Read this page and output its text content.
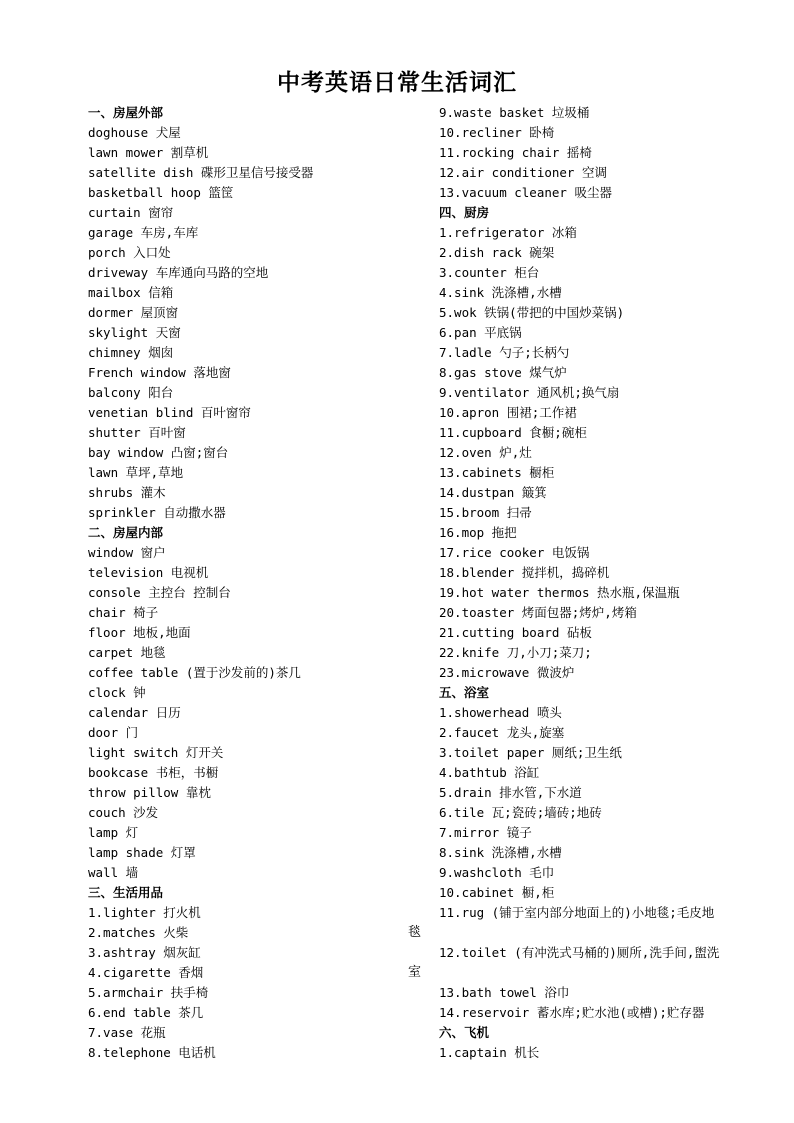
中考英语日常生活词汇
一、房屋外部
doghouse 犬屋
lawn mower 割草机
satellite dish 碟形卫星信号接受器
basketball hoop 篮筐
curtain 窗帘
garage 车房,车库
porch 入口处
driveway 车库通向马路的空地
mailbox 信箱
dormer 屋顶窗
skylight 天窗
chimney 烟囱
French window 落地窗
balcony 阳台
venetian blind 百叶窗帘
shutter 百叶窗
bay window 凸窗;窗台
lawn 草坪,草地
shrubs 灌木
sprinkler 自动撒水器
二、房屋内部
window 窗户
television 电视机
console 主控台 控制台
chair 椅子
floor 地板,地面
carpet 地毯
coffee table (置于沙发前的)茶几
clock 钟
calendar 日历
door 门
light switch 灯开关
bookcase 书柜，书橱
throw pillow 靠枕
couch 沙发
lamp 灯
lamp shade 灯罩
wall 墙
三、生活用品
1.lighter 打火机
2.matches 火柴
3.ashtray 烟灰缸
4.cigarette 香烟
5.armchair 扶手椅
6.end table 茶几
7.vase 花瓶
8.telephone 电话机
9.waste basket 垃圾桶
10.recliner 卧椅
11.rocking chair 摇椅
12.air conditioner 空调
13.vacuum cleaner 吸尘器
四、厨房
1.refrigerator 冰箱
2.dish rack 碗架
3.counter 柜台
4.sink 洗涤槽,水槽
5.wok 铁锅(带把的中国炒菜锅)
6.pan 平底锅
7.ladle 勺子;长柄勺
8.gas stove 煤气炉
9.ventilator 通风机;换气扇
10.apron 围裙;工作裙
11.cupboard 食橱;碗柜
12.oven 炉,灶
13.cabinets 橱柜
14.dustpan 簸箕
15.broom 扫帚
16.mop 拖把
17.rice cooker 电饭锅
18.blender 搅拌机，捣碎机
19.hot water thermos 热水瓶,保温瓶
20.toaster 烤面包器;烤炉,烤箱
21.cutting board 砧板
22.knife 刀,小刀;菜刀;
23.microwave 微波炉
五、浴室
1.showerhead 喷头
2.faucet 龙头,旋塞
3.toilet paper 厕纸;卫生纸
4.bathtub 浴缸
5.drain 排水管,下水道
6.tile 瓦;瓷砖;墙砖;地砖
7.mirror 镜子
8.sink 洗涤槽,水槽
9.washcloth 毛巾
10.cabinet 橱,柜
11.rug (铺于室内部分地面上的)小地毯;毛皮地
12.toilet (有冲洗式马桶的)厕所,洗手间,盥洗
13.bath towel 浴巾
14.reservoir 蓄水库;贮水池(或槽);贮存器
六、飞机
1.captain 机长
毯
室
